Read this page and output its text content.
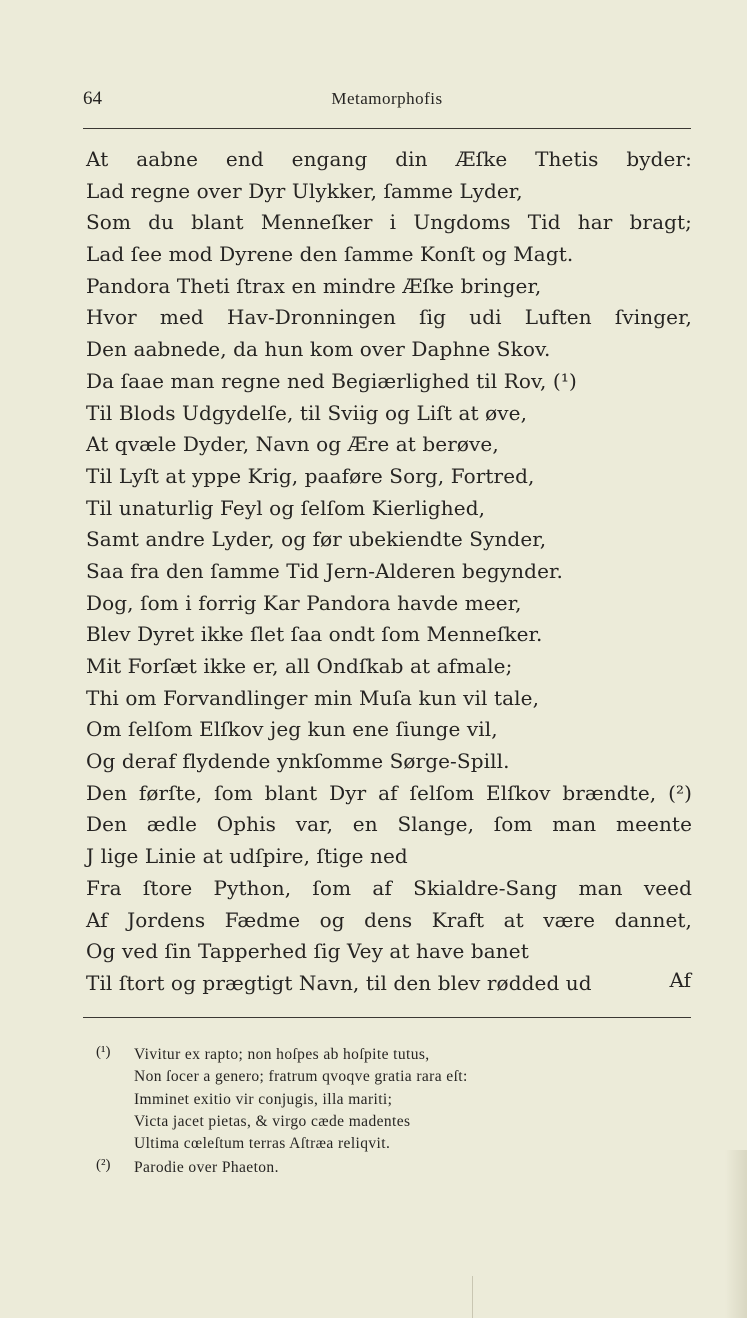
64	Metamorphofis
At aabne end engang din Æſke Thetis byder:
Lad regne over Dyr Ulykker, ſamme Lyder,
Som du blant Menneſker i Ungdoms Tid har bragt;
Lad ſee mod Dyrene den ſamme Konſt og Magt.
Pandora Theti ſtrax en mindre Æſke bringer,
Hvor med Hav-Dronningen ſig udi Luften ſvinger,
Den aabnede, da hun kom over Daphne Skov.
Da ſaae man regne ned Begiærlighed til Rov, (¹)
Til Blods Udgydelſe, til Sviig og Liſt at øve,
At qvæle Dyder, Navn og Ære at berøve,
Til Lyſt at yppe Krig, paaføre Sorg, Fortred,
Til unaturlig Feyl og ſelſom Kierlighed,
Samt andre Lyder, og før ubekiendte Synder,
Saa fra den ſamme Tid Jern-Alderen begynder.
Dog, ſom i forrig Kar Pandora havde meer,
Blev Dyret ikke ſlet ſaa ondt ſom Menneſker.
Mit Forſæt ikke er, all Ondſkab at afmale;
Thi om Forvandlinger min Muſa kun vil tale,
Om ſelſom Elſkov jeg kun ene ſiunge vil,
Og deraf flydende ynkſomme Sørge-Spill.
Den førſte, ſom blant Dyr af ſelſom Elſkov brændte, (²)
Den ædle Ophis var, en Slange, ſom man meente
J lige Linie at udſpire, ſtige ned
Fra ſtore Python, ſom af Skialdre-Sang man veed
Af Jordens Fædme og dens Kraft at være dannet,
Og ved ſin Tapperhed ſig Vey at have banet
Til ſtort og prægtigt Navn, til den blev rødded ud	Af
(¹) Vivitur ex rapto; non hoſpes ab hoſpite tutus,
Non ſocer a genero; fratrum qvoqve gratia rara eſt:
Imminet exitio vir conjugis, illa mariti;
Victa jacet pietas, & virgo cæde madentes
Ultima cœleſtum terras Aſtræa reliqvit.
(²) Parodie over Phaeton.
